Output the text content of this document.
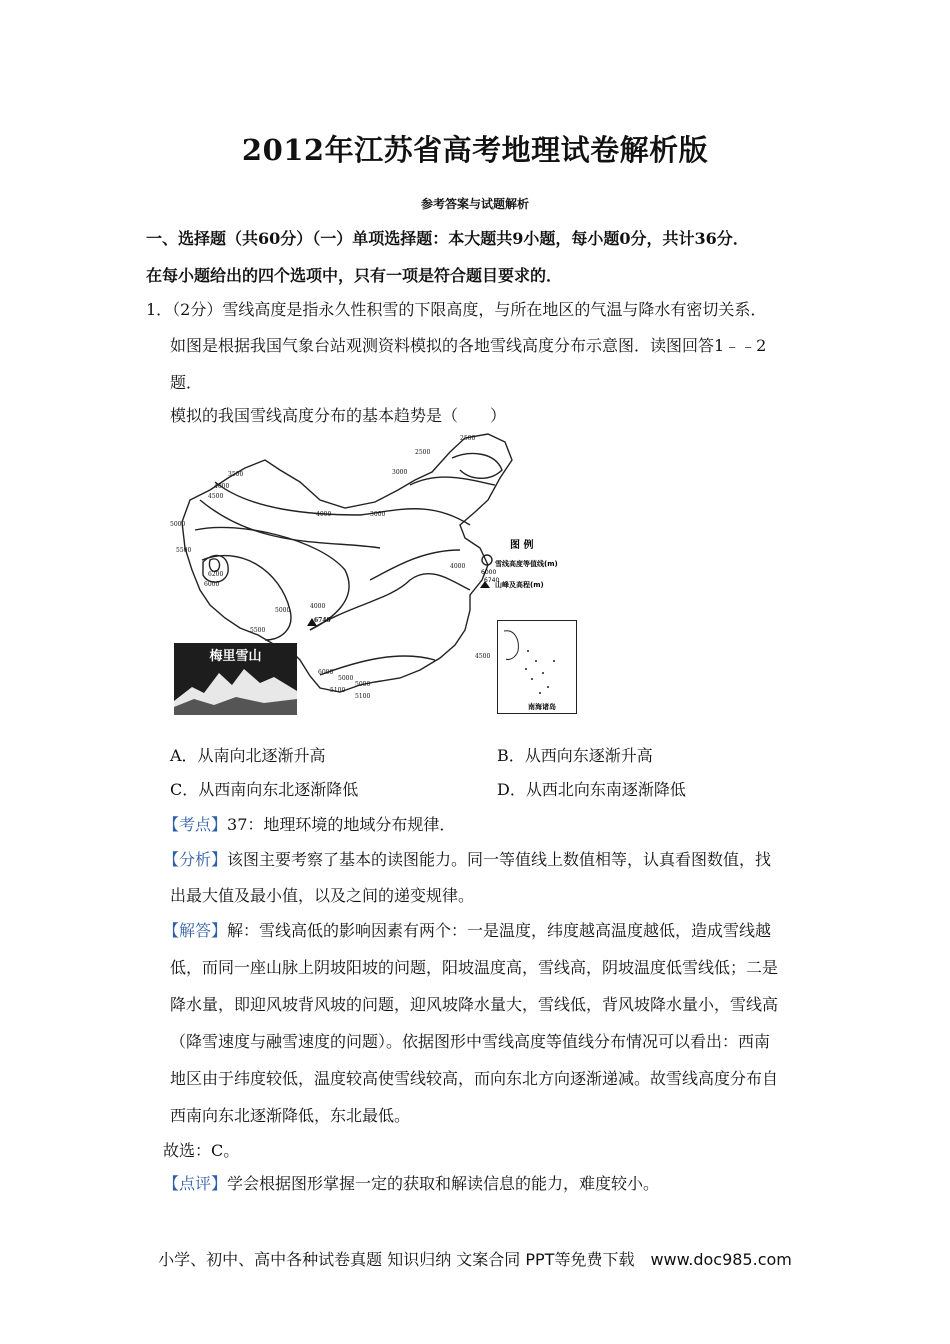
2012年江苏省高考地理试卷解析版
参考答案与试题解析
一、选择题（共60分）（一）单项选择题：本大题共9小题，每小题0分，共计36分．
在每小题给出的四个选项中，只有一项是符合题目要求的．
1．（2分）雪线高度是指永久性积雪的下限高度，与所在地区的气温与降水有密切关系．
如图是根据我国气象台站观测资料模拟的各地雪线高度分布示意图．读图回答1﹣﹣2
题．
模拟的我国雪线高度分布的基本趋势是（　　）
图 例
雪线高度等值线(m)
6000
6740
山峰及高程(m)
2500
2500
3000
3500
4000
4500
4000	3000
5000
4000
5500
6200
6000
5000
5500
4000
6740
4500
6000
5000
5100
5000
5100
南海诸岛
梅里雪山
A．从南向北逐渐升高	B．从西向东逐渐升高
C．从西南向东北逐渐降低	D．从西北向东南逐渐降低
【考点】37：地理环境的地域分布规律．
【分析】该图主要考察了基本的读图能力。同一等值线上数值相等，认真看图数值，找
出最大值及最小值，以及之间的递变规律。
【解答】解：雪线高低的影响因素有两个：一是温度，纬度越高温度越低，造成雪线越
低，而同一座山脉上阴坡阳坡的问题，阳坡温度高，雪线高，阴坡温度低雪线低；二是
降水量，即迎风坡背风坡的问题，迎风坡降水量大，雪线低，背风坡降水量小，雪线高
（降雪速度与融雪速度的问题）。依据图形中雪线高度等值线分布情况可以看出：西南
地区由于纬度较低，温度较高使雪线较高，而向东北方向逐渐递减。故雪线高度分布自
西南向东北逐渐降低，东北最低。
故选：C。
【点评】学会根据图形掌握一定的获取和解读信息的能力，难度较小。
小学、初中、高中各种试卷真题 知识归纳 文案合同 PPT等免费下载　www.doc985.com
